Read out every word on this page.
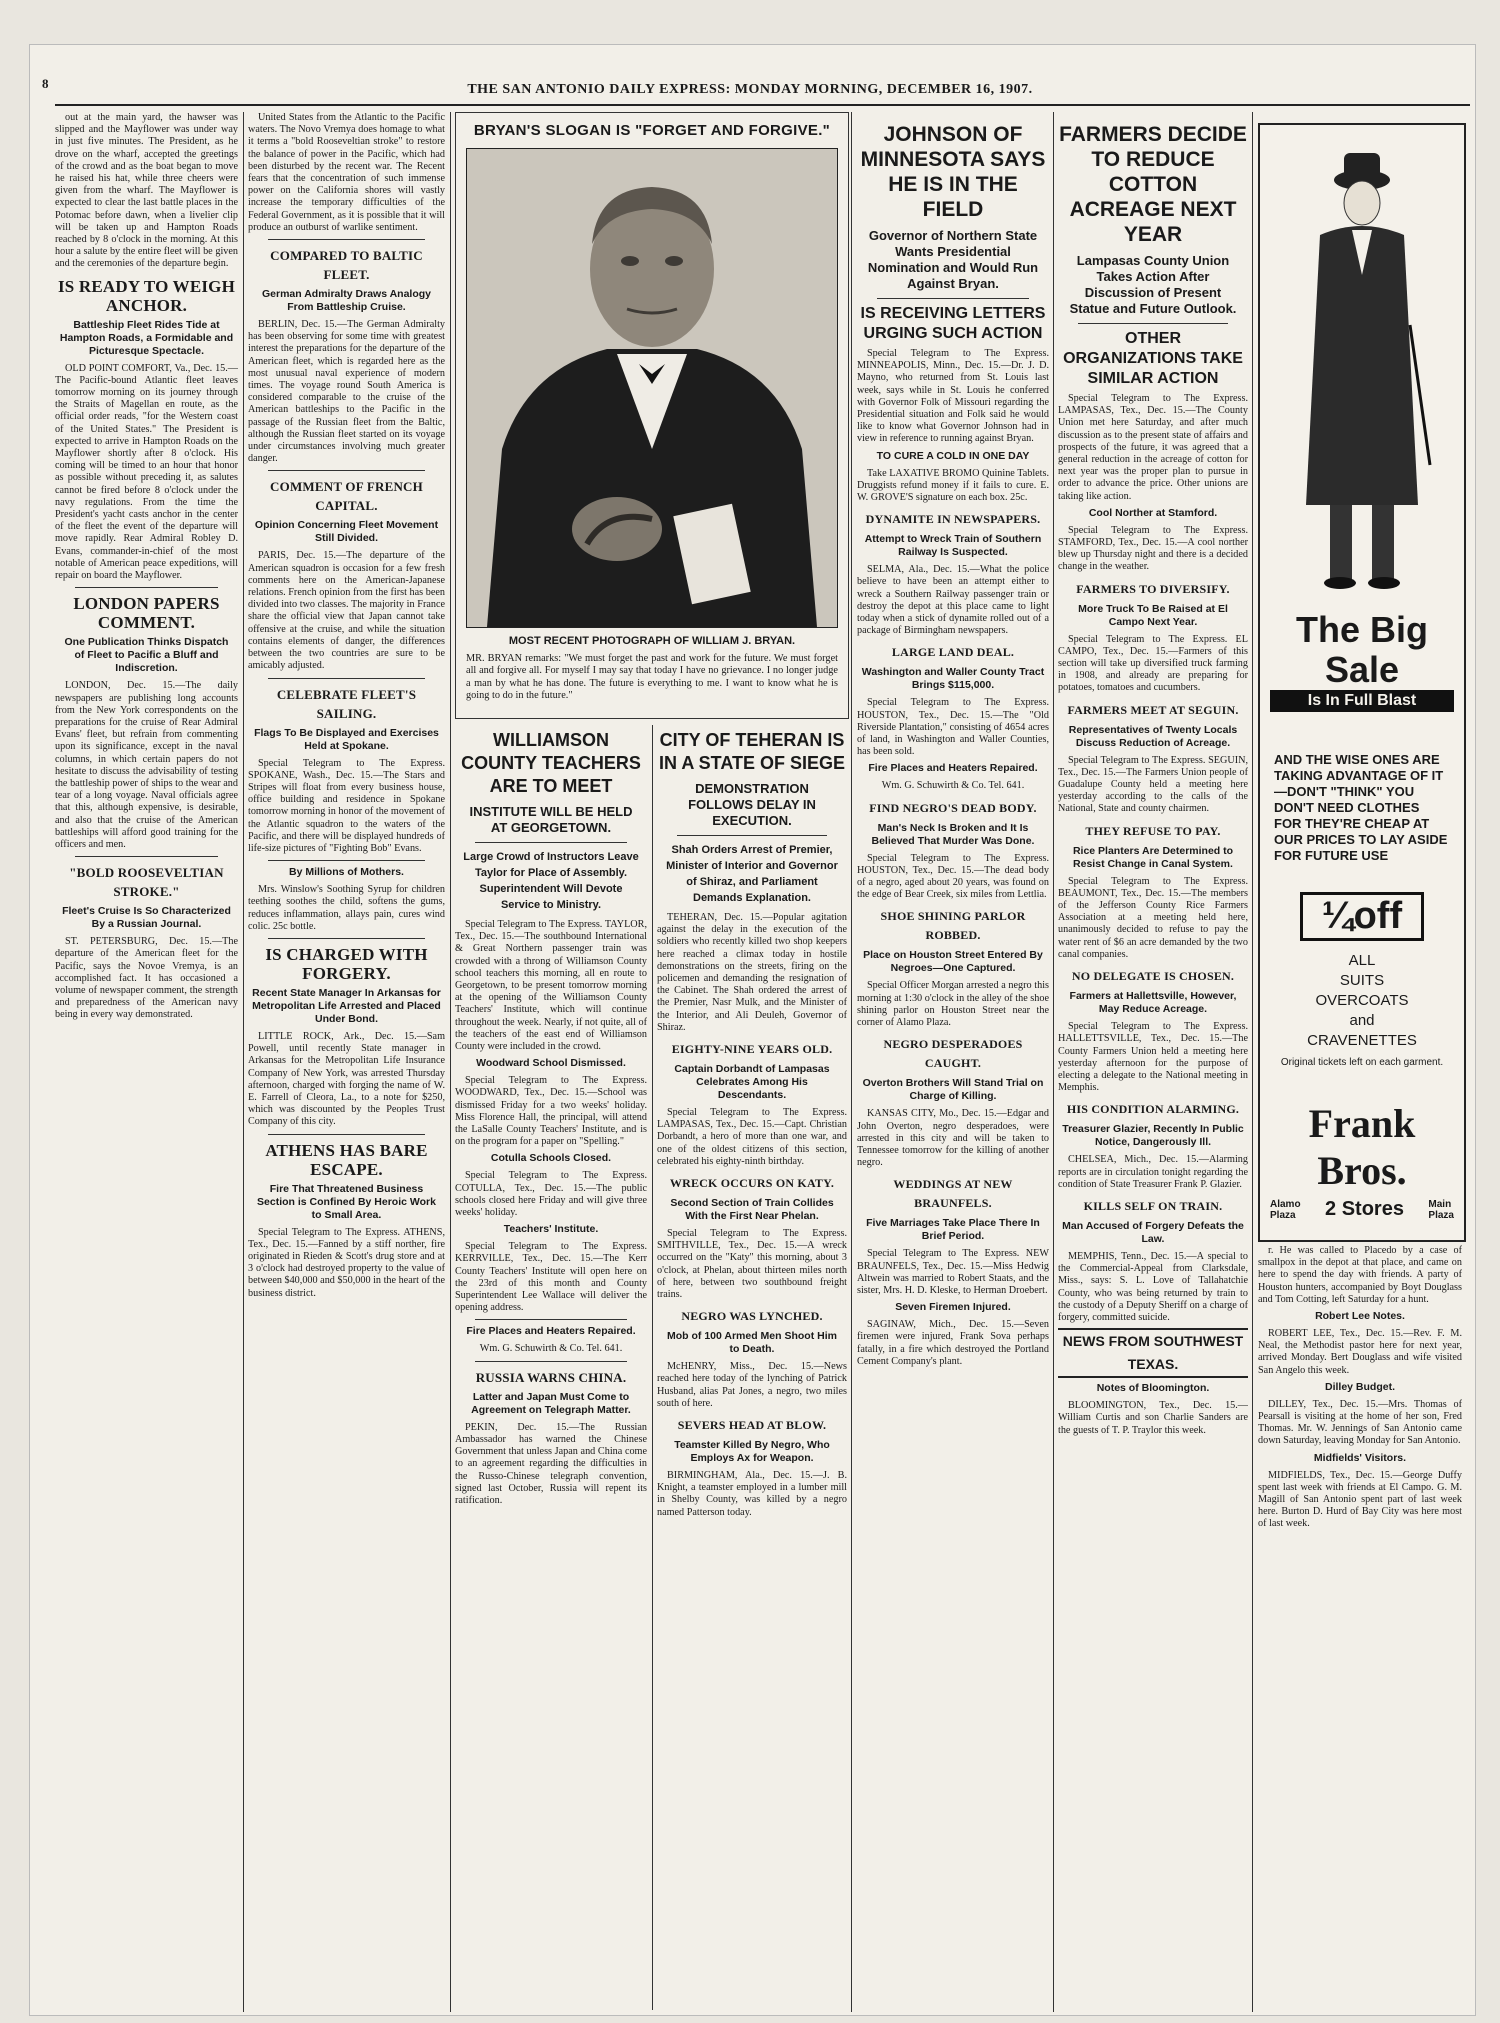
8	THE SAN ANTONIO DAILY EXPRESS: MONDAY MORNING, DECEMBER 16, 1907.

out at the main yard, the hawser was slipped and the Mayflower was under way in just five minutes. The President, as he drove on the wharf, accepted the greetings of the crowd and as the boat began to move he raised his hat, while three cheers were given from the wharf. The Mayflower is expected to clear the last battle places in the Potomac before dawn, when a livelier clip will be taken up and Hampton Roads reached by 8 o'clock in the morning. At this hour a salute by the entire fleet will be given and the ceremonies of the departure begin.

IS READY TO WEIGH ANCHOR.
Battleship Fleet Rides Tide at Hampton Roads, a Formidable and Picturesque Spectacle.

OLD POINT COMFORT, Va., Dec. 15.—The Pacific-bound Atlantic fleet leaves tomorrow morning on its journey through the Straits of Magellan en route, as the official order reads, "for the Western coast of the United States." The President is expected to arrive in Hampton Roads on the Mayflower shortly after 8 o'clock. His coming will be timed to an hour that honor as possible without preceding it, as salutes cannot be fired before 8 o'clock under the navy regulations. From the time the President's yacht casts anchor in the center of the fleet the event of the departure will move rapidly. Rear Admiral Robley D. Evans, commander-in-chief of the most notable of American peace expeditions, will repair on board the Mayflower.

LONDON PAPERS COMMENT.
One Publication Thinks Dispatch of Fleet to Pacific a Bluff and Indiscretion.

LONDON, Dec. 15.—The daily newspapers are publishing long accounts from the New York correspondents on the preparations for the cruise of Rear Admiral Evans' fleet, but refrain from commenting upon its significance, except in the naval columns, in which certain papers do not hesitate to discuss the advisability of testing the battleship power of ships to the wear and tear of a long voyage. Naval officials agree that this, although expensive, is desirable, and also that the cruise of the American battleships will afford good training for the officers and men.

"BOLD ROOSEVELTIAN STROKE."
Fleet's Cruise Is So Characterized By a Russian Journal.

ST. PETERSBURG, Dec. 15.—The departure of the American fleet for the Pacific, says the Novoe Vremya, is an accomplished fact. It has occasioned a volume of newspaper comment, the strength and preparedness of the American navy being in every way demonstrated.

United States from the Atlantic to the Pacific waters. The Novo Vremya does homage to what it terms a "bold Rooseveltian stroke" to restore the balance of power in the Pacific, which had been disturbed by the recent war. The Recent fears that the concentration of such immense power on the California shores will vastly increase the temporary difficulties of the Federal Government, as it is possible that it will produce an outburst of warlike sentiment.

COMPARED TO BALTIC FLEET.
German Admiralty Draws Analogy From Battleship Cruise.

BERLIN, Dec. 15.—The German Admiralty has been observing for some time with greatest interest the preparations for the departure of the American fleet, which is regarded here as the most unusual naval experience of modern times. The voyage round South America is considered comparable to the cruise of the American battleships to the Pacific in the passage of the Russian fleet from the Baltic, although the Russian fleet started on its voyage under circumstances involving much greater danger.

COMMENT OF FRENCH CAPITAL.
Opinion Concerning Fleet Movement Still Divided.

PARIS, Dec. 15.—The departure of the American squadron is occasion for a few fresh comments here on the American-Japanese relations. French opinion from the first has been divided into two classes. The majority in France share the official view that Japan cannot take offensive at the cruise, and while the situation contains elements of danger, the differences between the two countries are sure to be amicably adjusted.

CELEBRATE FLEET'S SAILING.
Flags To Be Displayed and Exercises Held at Spokane.

Special Telegram to The Express. SPOKANE, Wash., Dec. 15.—The Stars and Stripes will float from every business house, office building and residence in Spokane tomorrow morning in honor of the movement of the Atlantic squadron to the waters of the Pacific, and there will be displayed hundreds of life-size pictures of "Fighting Bob" Evans.

By Millions of Mothers.

Mrs. Winslow's Soothing Syrup for children teething soothes the child, softens the gums, reduces inflammation, allays pain, cures wind colic. 25c bottle.

IS CHARGED WITH FORGERY.
Recent State Manager In Arkansas for Metropolitan Life Arrested and Placed Under Bond.

LITTLE ROCK, Ark., Dec. 15.—Sam Powell, until recently State manager in Arkansas for the Metropolitan Life Insurance Company of New York, was arrested Thursday afternoon, charged with forging the name of W. E. Farrell of Cleora, La., to a note for $250, which was discounted by the Peoples Trust Company of this city.

ATHENS HAS BARE ESCAPE.
Fire That Threatened Business Section is Confined By Heroic Work to Small Area.

Special Telegram to The Express. ATHENS, Tex., Dec. 15.—Fanned by a stiff norther, fire originated in Rieden & Scott's drug store and at 3 o'clock had destroyed property to the value of between $40,000 and $50,000 in the heart of the business district.

BRYAN'S SLOGAN IS "FORGET AND FORGIVE."
MOST RECENT PHOTOGRAPH OF WILLIAM J. BRYAN.
MR. BRYAN remarks: "We must forget the past and work for the future. We must forget all and forgive all. For myself I may say that today I have no grievance. I no longer judge a man by what he has done. The future is everything to me. I want to know what he is going to do in the future."
WILLIAMSON COUNTY TEACHERS ARE TO MEET
INSTITUTE WILL BE HELD AT GEORGETOWN.
Large Crowd of Instructors Leave Taylor for Place of Assembly. Superintendent Will Devote Service to Ministry.

Special Telegram to The Express. TAYLOR, Tex., Dec. 15.—The southbound International & Great Northern passenger train was crowded with a throng of Williamson County school teachers this morning, all en route to Georgetown, to be present tomorrow morning at the opening of the Williamson County Teachers' Institute, which will continue throughout the week. Nearly, if not quite, all of the teachers of the east end of Williamson County were included in the crowd.

Woodward School Dismissed.

Special Telegram to The Express. WOODWARD, Tex., Dec. 15.—School was dismissed Friday for a two weeks' holiday. Miss Florence Hall, the principal, will attend the LaSalle County Teachers' Institute, and is on the program for a paper on "Spelling."

Cotulla Schools Closed.

Special Telegram to The Express. COTULLA, Tex., Dec. 15.—The public schools closed here Friday and will give three weeks' holiday.

Teachers' Institute.

Special Telegram to The Express. KERRVILLE, Tex., Dec. 15.—The Kerr County Teachers' Institute will open here on the 23rd of this month and County Superintendent Lee Wallace will deliver the opening address.

Fire Places and Heaters Repaired.

Wm. G. Schuwirth & Co. Tel. 641.

RUSSIA WARNS CHINA.
Latter and Japan Must Come to Agreement on Telegraph Matter.

PEKIN, Dec. 15.—The Russian Ambassador has warned the Chinese Government that unless Japan and China come to an agreement regarding the difficulties in the Russo-Chinese telegraph convention, signed last October, Russia will repent its ratification.

CITY OF TEHERAN IS IN A STATE OF SIEGE
DEMONSTRATION FOLLOWS DELAY IN EXECUTION.
Shah Orders Arrest of Premier, Minister of Interior and Governor of Shiraz, and Parliament Demands Explanation.

TEHERAN, Dec. 15.—Popular agitation against the delay in the execution of the soldiers who recently killed two shop keepers here reached a climax today in hostile demonstrations on the streets, firing on the policemen and demanding the resignation of the Cabinet. The Shah ordered the arrest of the Premier, Nasr Mulk, and the Minister of the Interior, and Ali Deuleh, Governor of Shiraz.

EIGHTY-NINE YEARS OLD.
Captain Dorbandt of Lampasas Celebrates Among His Descendants.

Special Telegram to The Express. LAMPASAS, Tex., Dec. 15.—Capt. Christian Dorbandt, a hero of more than one war, and one of the oldest citizens of this section, celebrated his eighty-ninth birthday.

WRECK OCCURS ON KATY.
Second Section of Train Collides With the First Near Phelan.

Special Telegram to The Express. SMITHVILLE, Tex., Dec. 15.—A wreck occurred on the "Katy" this morning, about 3 o'clock, at Phelan, about thirteen miles north of here, between two southbound freight trains.

NEGRO WAS LYNCHED.
Mob of 100 Armed Men Shoot Him to Death.

McHENRY, Miss., Dec. 15.—News reached here today of the lynching of Patrick Husband, alias Pat Jones, a negro, two miles south of here.

SEVERS HEAD AT BLOW.
Teamster Killed By Negro, Who Employs Ax for Weapon.

BIRMINGHAM, Ala., Dec. 15.—J. B. Knight, a teamster employed in a lumber mill in Shelby County, was killed by a negro named Patterson today.

JOHNSON OF MINNESOTA SAYS HE IS IN THE FIELD
Governor of Northern State Wants Presidential Nomination and Would Run Against Bryan.
IS RECEIVING LETTERS URGING SUCH ACTION

Special Telegram to The Express. MINNEAPOLIS, Minn., Dec. 15.—Dr. J. D. Mayno, who returned from St. Louis last week, says while in St. Louis he conferred with Governor Folk of Missouri regarding the Presidential situation and Folk said he would like to know what Governor Johnson had in view in reference to running against Bryan.

TO CURE A COLD IN ONE DAY

Take LAXATIVE BROMO Quinine Tablets. Druggists refund money if it fails to cure. E. W. GROVE'S signature on each box. 25c.

DYNAMITE IN NEWSPAPERS.
Attempt to Wreck Train of Southern Railway Is Suspected.

SELMA, Ala., Dec. 15.—What the police believe to have been an attempt either to wreck a Southern Railway passenger train or destroy the depot at this place came to light today when a stick of dynamite rolled out of a package of Birmingham newspapers.

LARGE LAND DEAL.
Washington and Waller County Tract Brings $115,000.

Special Telegram to The Express. HOUSTON, Tex., Dec. 15.—The "Old Riverside Plantation," consisting of 4654 acres of land, in Washington and Waller Counties, has been sold.

Fire Places and Heaters Repaired.

Wm. G. Schuwirth & Co. Tel. 641.

FIND NEGRO'S DEAD BODY.
Man's Neck Is Broken and It Is Believed That Murder Was Done.

Special Telegram to The Express. HOUSTON, Tex., Dec. 15.—The dead body of a negro, aged about 20 years, was found on the edge of Bear Creek, six miles from Lettlia.

SHOE SHINING PARLOR ROBBED.
Place on Houston Street Entered By Negroes—One Captured.

Special Officer Morgan arrested a negro this morning at 1:30 o'clock in the alley of the shoe shining parlor on Houston Street near the corner of Alamo Plaza.

NEGRO DESPERADOES CAUGHT.
Overton Brothers Will Stand Trial on Charge of Killing.

KANSAS CITY, Mo., Dec. 15.—Edgar and John Overton, negro desperadoes, were arrested in this city and will be taken to Tennessee tomorrow for the killing of another negro.

WEDDINGS AT NEW BRAUNFELS.
Five Marriages Take Place There In Brief Period.

Special Telegram to The Express. NEW BRAUNFELS, Tex., Dec. 15.—Miss Hedwig Altwein was married to Robert Staats, and the sister, Mrs. H. D. Kleske, to Herman Droebert.

Seven Firemen Injured.

SAGINAW, Mich., Dec. 15.—Seven firemen were injured, Frank Sova perhaps fatally, in a fire which destroyed the Portland Cement Company's plant.

FARMERS DECIDE TO REDUCE COTTON ACREAGE NEXT YEAR
Lampasas County Union Takes Action After Discussion of Present Statue and Future Outlook.
OTHER ORGANIZATIONS TAKE SIMILAR ACTION

Special Telegram to The Express. LAMPASAS, Tex., Dec. 15.—The County Union met here Saturday, and after much discussion as to the present state of affairs and prospects of the future, it was agreed that a general reduction in the acreage of cotton for next year was the proper plan to pursue in order to advance the price. Other unions are taking like action.

Cool Norther at Stamford.

Special Telegram to The Express. STAMFORD, Tex., Dec. 15.—A cool norther blew up Thursday night and there is a decided change in the weather.

FARMERS TO DIVERSIFY.
More Truck To Be Raised at El Campo Next Year.

Special Telegram to The Express. EL CAMPO, Tex., Dec. 15.—Farmers of this section will take up diversified truck farming in 1908, and already are preparing for potatoes, tomatoes and cucumbers.

FARMERS MEET AT SEGUIN.
Representatives of Twenty Locals Discuss Reduction of Acreage.

Special Telegram to The Express. SEGUIN, Tex., Dec. 15.—The Farmers Union people of Guadalupe County held a meeting here yesterday according to the calls of the National, State and county chairmen.

THEY REFUSE TO PAY.
Rice Planters Are Determined to Resist Change in Canal System.

Special Telegram to The Express. BEAUMONT, Tex., Dec. 15.—The members of the Jefferson County Rice Farmers Association at a meeting held here, unanimously decided to refuse to pay the water rent of $6 an acre demanded by the two canal companies.

NO DELEGATE IS CHOSEN.
Farmers at Hallettsville, However, May Reduce Acreage.

Special Telegram to The Express. HALLETTSVILLE, Tex., Dec. 15.—The County Farmers Union held a meeting here yesterday afternoon for the purpose of electing a delegate to the National meeting in Memphis.

HIS CONDITION ALARMING.
Treasurer Glazier, Recently In Public Notice, Dangerously Ill.

CHELSEA, Mich., Dec. 15.—Alarming reports are in circulation tonight regarding the condition of State Treasurer Frank P. Glazier.

KILLS SELF ON TRAIN.
Man Accused of Forgery Defeats the Law.

MEMPHIS, Tenn., Dec. 15.—A special to the Commercial-Appeal from Clarksdale, Miss., says: S. L. Love of Tallahatchie County, who was being returned by train to the custody of a Deputy Sheriff on a charge of forgery, committed suicide.

NEWS FROM SOUTHWEST TEXAS.
Notes of Bloomington.

BLOOMINGTON, Tex., Dec. 15.—William Curtis and son Charlie Sanders are the guests of T. P. Traylor this week.

The Big Sale
Is In Full Blast
AND THE WISE ONES ARE TAKING ADVANTAGE OF IT—DON'T "THINK" YOU DON'T NEED CLOTHES FOR THEY'RE CHEAP AT OUR PRICES TO LAY ASIDE FOR FUTURE USE
¼off
ALL
SUITS
OVERCOATS
and
CRAVENETTES
Original tickets left on each garment.
Frank Bros.
Alamo
Plaza 2 Stores Main
Plaza

r. He was called to Placedo by a case of smallpox in the depot at that place, and came on here to spend the day with friends. A party of Houston hunters, accompanied by Boyt Douglass and Tom Cotting, left Saturday for a hunt.

Robert Lee Notes.

ROBERT LEE, Tex., Dec. 15.—Rev. F. M. Neal, the Methodist pastor here for next year, arrived Monday. Bert Douglass and wife visited San Angelo this week.

Dilley Budget.

DILLEY, Tex., Dec. 15.—Mrs. Thomas of Pearsall is visiting at the home of her son, Fred Thomas. Mr. W. Jennings of San Antonio came down Saturday, leaving Monday for San Antonio.

Midfields' Visitors.

MIDFIELDS, Tex., Dec. 15.—George Duffy spent last week with friends at El Campo. G. M. Magill of San Antonio spent part of last week here. Burton D. Hurd of Bay City was here most of last week.
